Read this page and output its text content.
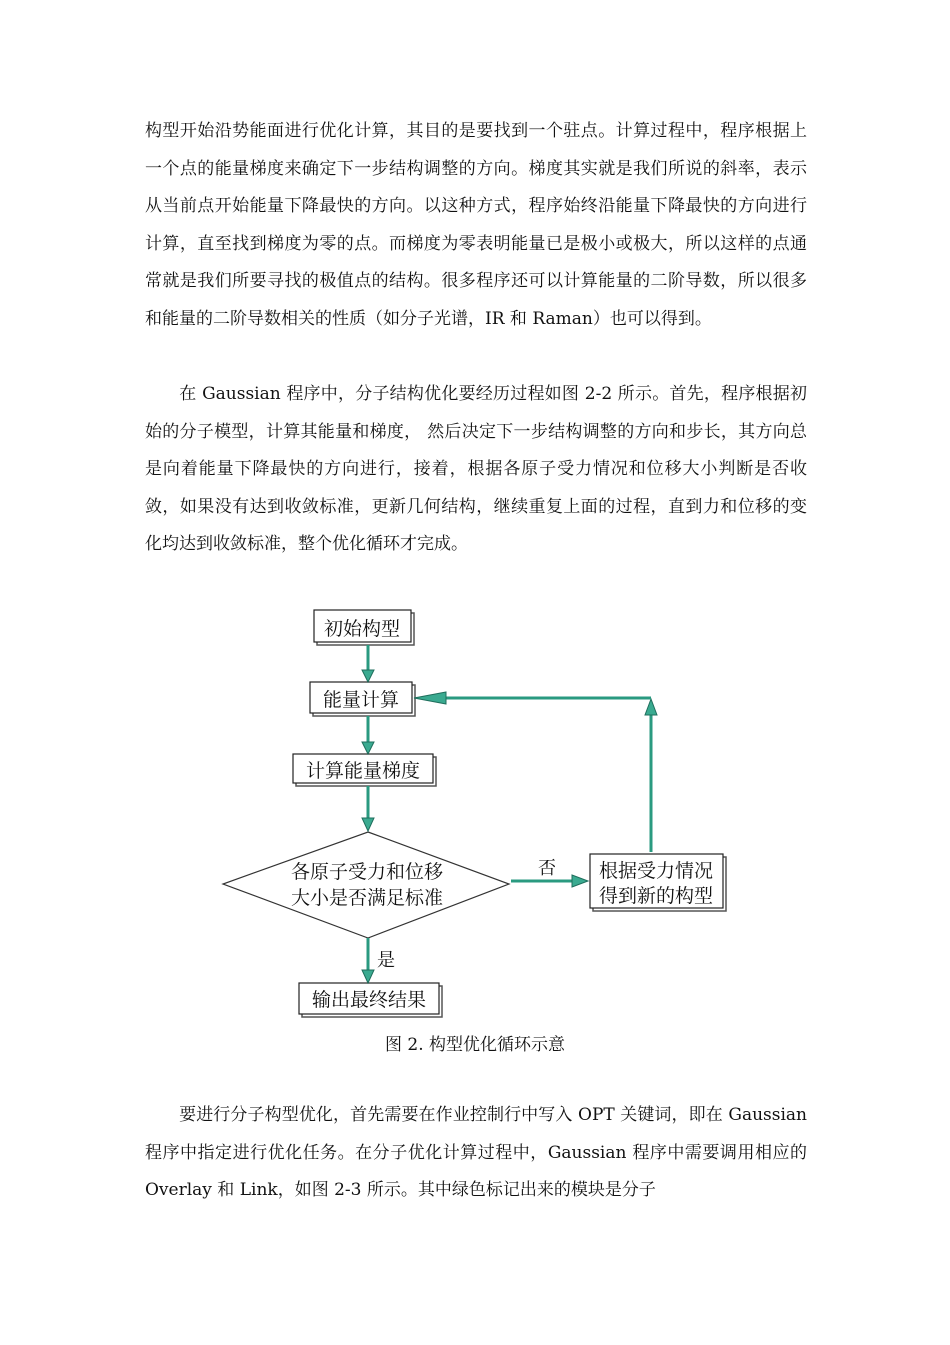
构型开始沿势能面进行优化计算，其目的是要找到一个驻点。计算过程中，程序根据上一个点的能量梯度来确定下一步结构调整的方向。梯度其实就是我们所说的斜率，表示从当前点开始能量下降最快的方向。以这种方式，程序始终沿能量下降最快的方向进行计算，直至找到梯度为零的点。而梯度为零表明能量已是极小或极大，所以这样的点通常就是我们所要寻找的极值点的结构。很多程序还可以计算能量的二阶导数，所以很多和能量的二阶导数相关的性质（如分子光谱，IR 和 Raman）也可以得到。

在 Gaussian 程序中，分子结构优化要经历过程如图 2-2 所示。首先，程序根据初始的分子模型，计算其能量和梯度， 然后决定下一步结构调整的方向和步长，其方向总是向着能量下降最快的方向进行，接着，根据各原子受力情况和位移大小判断是否收敛，如果没有达到收敛标准，更新几何结构，继续重复上面的过程，直到力和位移的变化均达到收敛标准，整个优化循环才完成。

初始构型
能量计算
计算能量梯度
各原子受力和位移
大小是否满足标准
根据受力情况
得到新的构型
输出最终结果
否
是

图 2. 构型优化循环示意

要进行分子构型优化，首先需要在作业控制行中写入 OPT 关键词，即在 Gaussian 程序中指定进行优化任务。在分子优化计算过程中，Gaussian 程序中需要调用相应的 Overlay 和 Link，如图 2-3 所示。其中绿色标记出来的模块是分子
